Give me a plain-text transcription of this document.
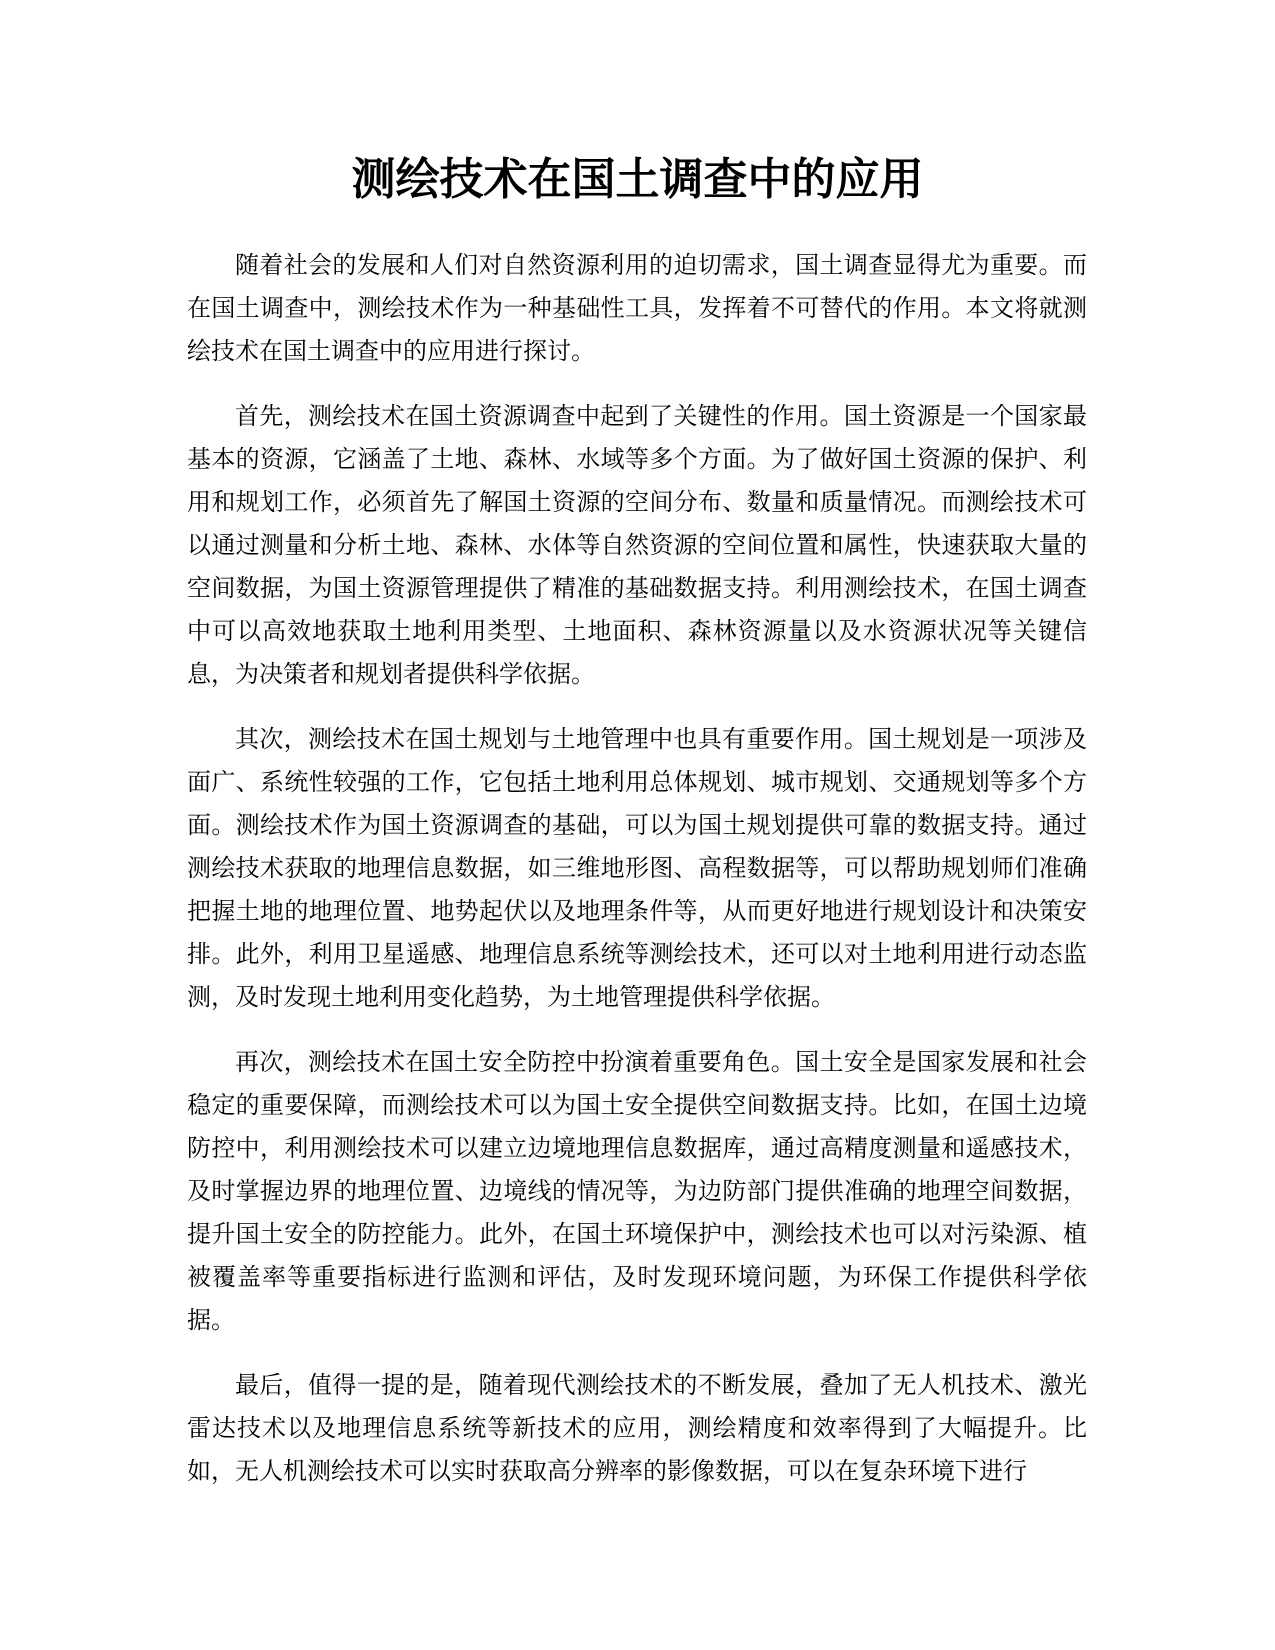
测绘技术在国土调查中的应用

随着社会的发展和人们对自然资源利用的迫切需求，国土调查显得尤为重要。而在国土调查中，测绘技术作为一种基础性工具，发挥着不可替代的作用。本文将就测绘技术在国土调查中的应用进行探讨。

首先，测绘技术在国土资源调查中起到了关键性的作用。国土资源是一个国家最基本的资源，它涵盖了土地、森林、水域等多个方面。为了做好国土资源的保护、利用和规划工作，必须首先了解国土资源的空间分布、数量和质量情况。而测绘技术可以通过测量和分析土地、森林、水体等自然资源的空间位置和属性，快速获取大量的空间数据，为国土资源管理提供了精准的基础数据支持。利用测绘技术，在国土调查中可以高效地获取土地利用类型、土地面积、森林资源量以及水资源状况等关键信息，为决策者和规划者提供科学依据。

其次，测绘技术在国土规划与土地管理中也具有重要作用。国土规划是一项涉及面广、系统性较强的工作，它包括土地利用总体规划、城市规划、交通规划等多个方面。测绘技术作为国土资源调查的基础，可以为国土规划提供可靠的数据支持。通过测绘技术获取的地理信息数据，如三维地形图、高程数据等，可以帮助规划师们准确把握土地的地理位置、地势起伏以及地理条件等，从而更好地进行规划设计和决策安排。此外，利用卫星遥感、地理信息系统等测绘技术，还可以对土地利用进行动态监测，及时发现土地利用变化趋势，为土地管理提供科学依据。

再次，测绘技术在国土安全防控中扮演着重要角色。国土安全是国家发展和社会稳定的重要保障，而测绘技术可以为国土安全提供空间数据支持。比如，在国土边境防控中，利用测绘技术可以建立边境地理信息数据库，通过高精度测量和遥感技术，及时掌握边界的地理位置、边境线的情况等，为边防部门提供准确的地理空间数据，提升国土安全的防控能力。此外，在国土环境保护中，测绘技术也可以对污染源、植被覆盖率等重要指标进行监测和评估，及时发现环境问题，为环保工作提供科学依据。

最后，值得一提的是，随着现代测绘技术的不断发展，叠加了无人机技术、激光雷达技术以及地理信息系统等新技术的应用，测绘精度和效率得到了大幅提升。比如，无人机测绘技术可以实时获取高分辨率的影像数据，可以在复杂环境下进行
